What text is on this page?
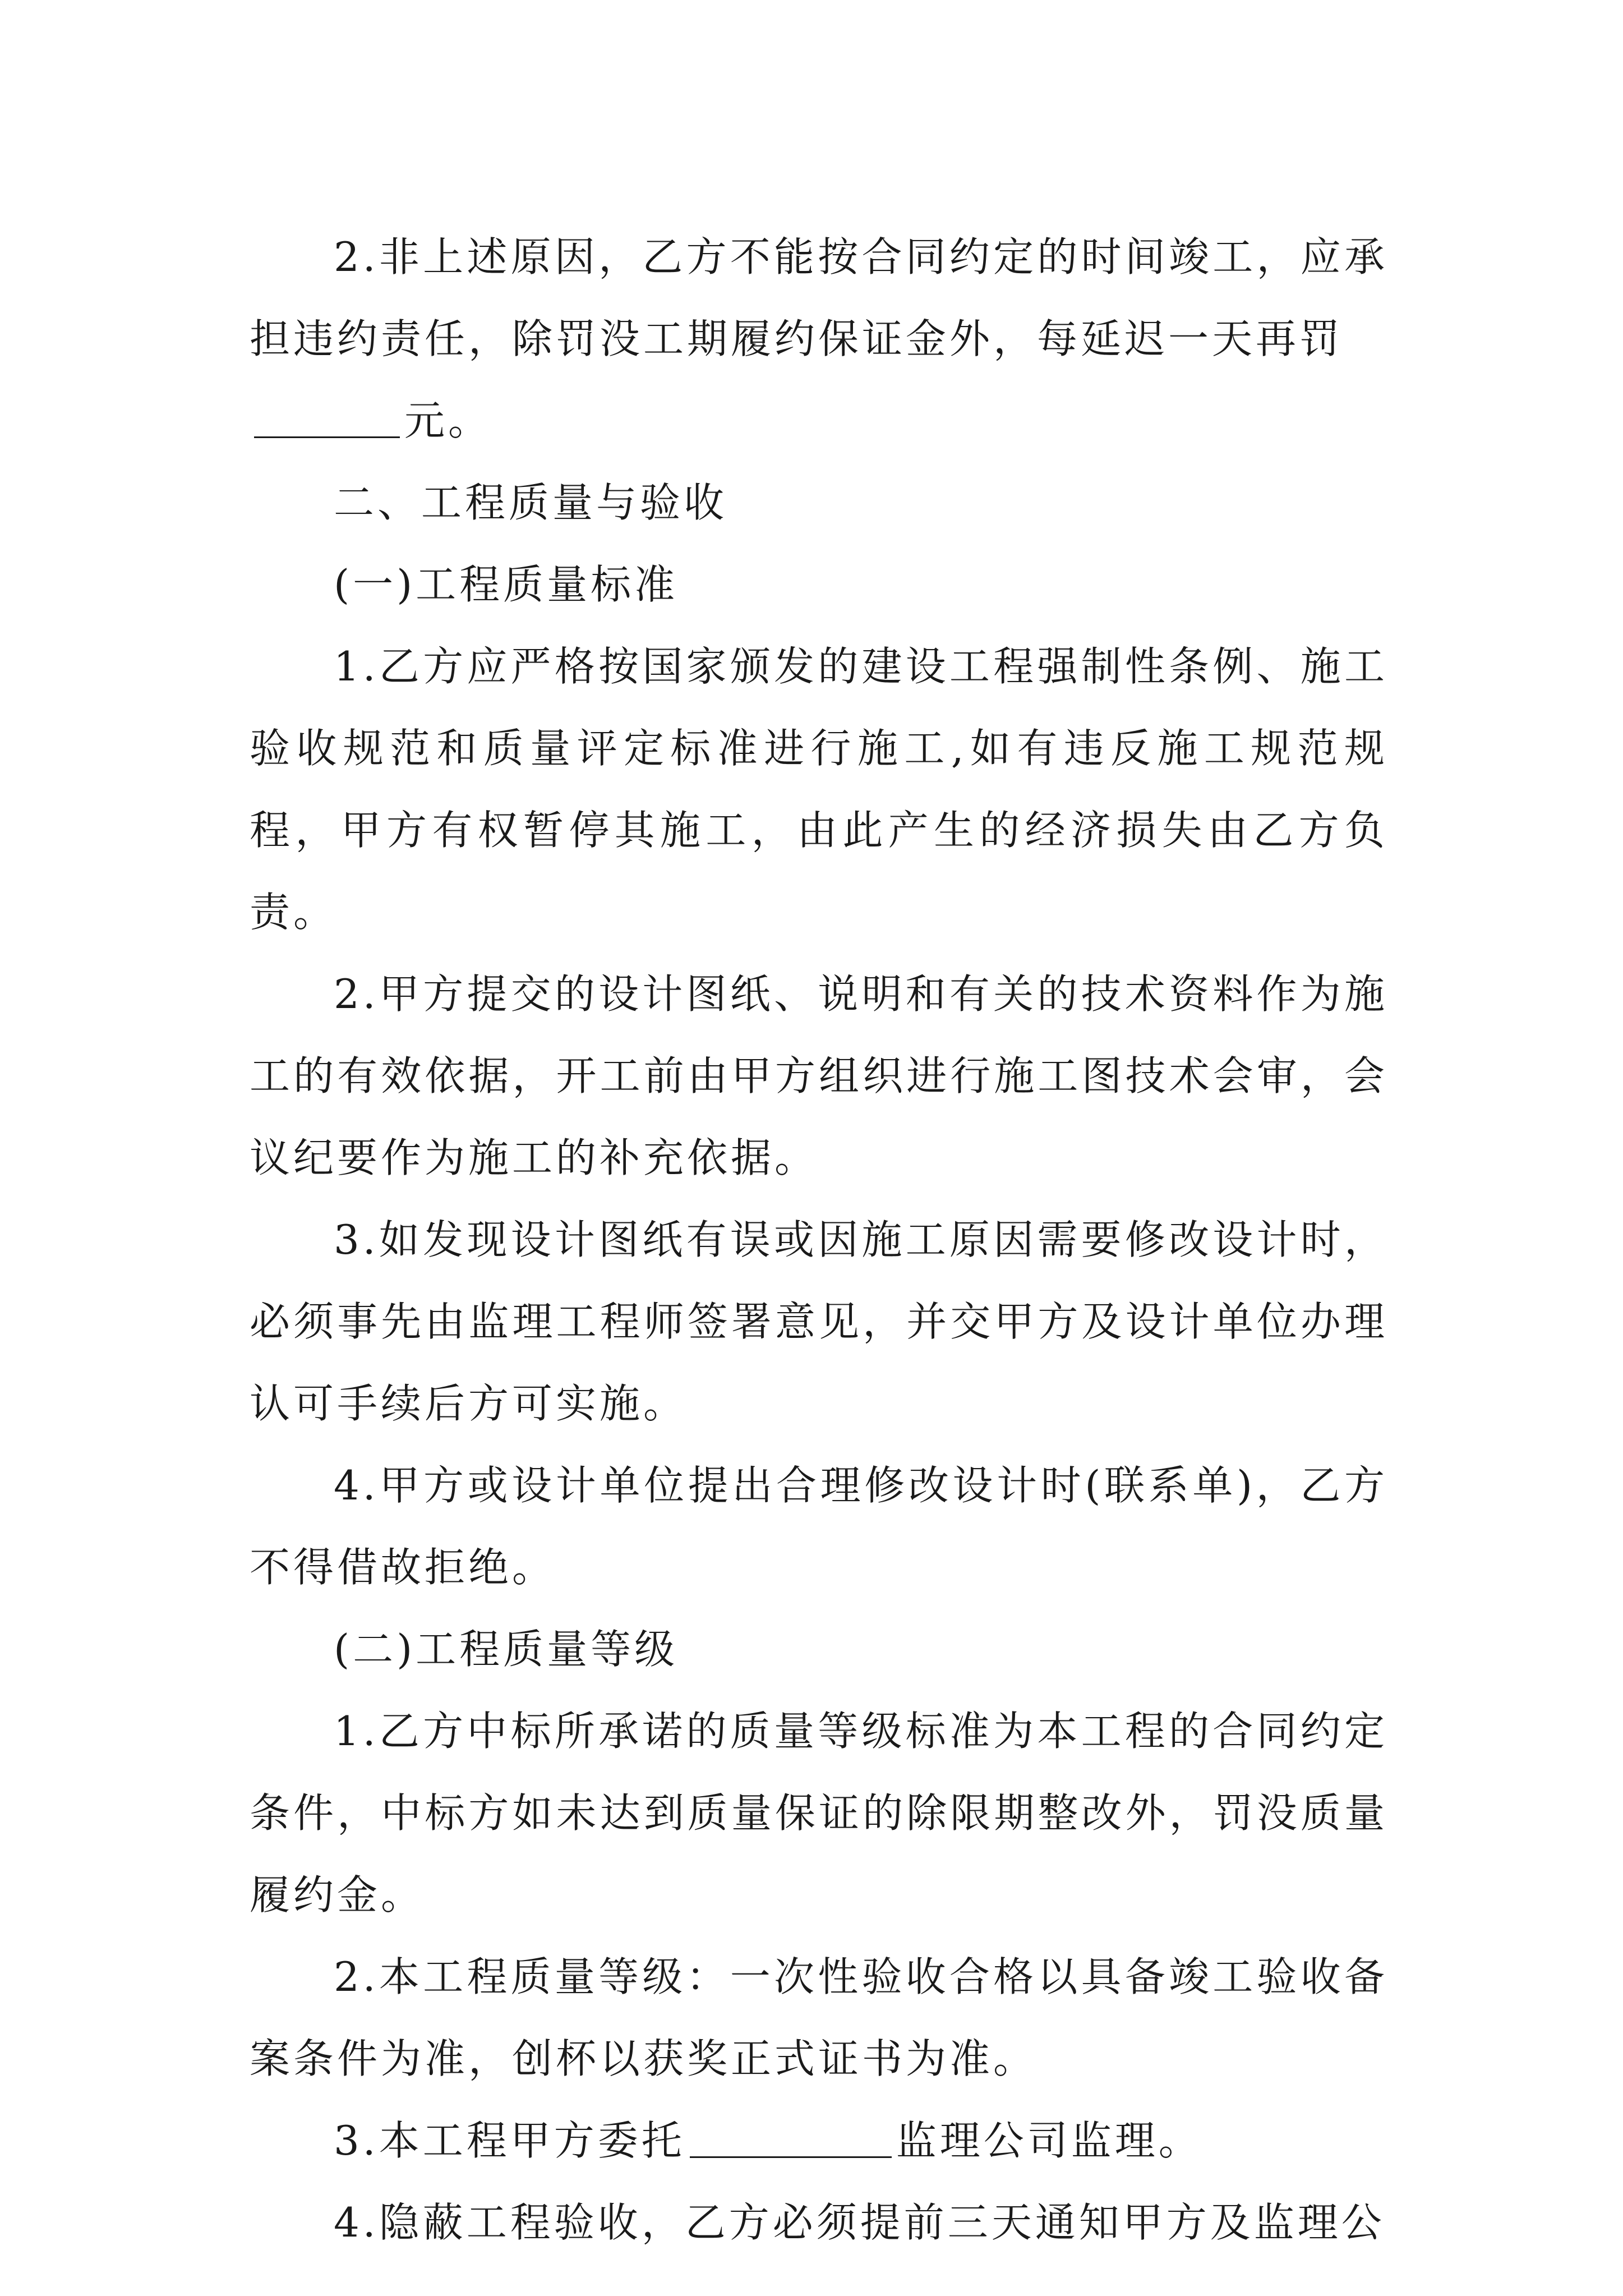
2.非上述原因，乙方不能按合同约定的时间竣工，应承担违约责任，除罚没工期履约保证金外，每延迟一天再罚

元。

二、工程质量与验收

(一)工程质量标准

1.乙方应严格按国家颁发的建设工程强制性条例、施工验收规范和质量评定标准进行施工,如有违反施工规范规程，甲方有权暂停其施工，由此产生的经济损失由乙方负责。

2.甲方提交的设计图纸、说明和有关的技术资料作为施工的有效依据，开工前由甲方组织进行施工图技术会审，会议纪要作为施工的补充依据。

3.如发现设计图纸有误或因施工原因需要修改设计时，必须事先由监理工程师签署意见，并交甲方及设计单位办理认可手续后方可实施。

4.甲方或设计单位提出合理修改设计时(联系单)，乙方不得借故拒绝。

(二)工程质量等级

1.乙方中标所承诺的质量等级标准为本工程的合同约定条件，中标方如未达到质量保证的除限期整改外，罚没质量履约金。

2.本工程质量等级：一次性验收合格以具备竣工验收备案条件为准，创杯以获奖正式证书为准。

3.本工程甲方委托	监理公司监理。

4.隐蔽工程验收，乙方必须提前三天通知甲方及监理公
